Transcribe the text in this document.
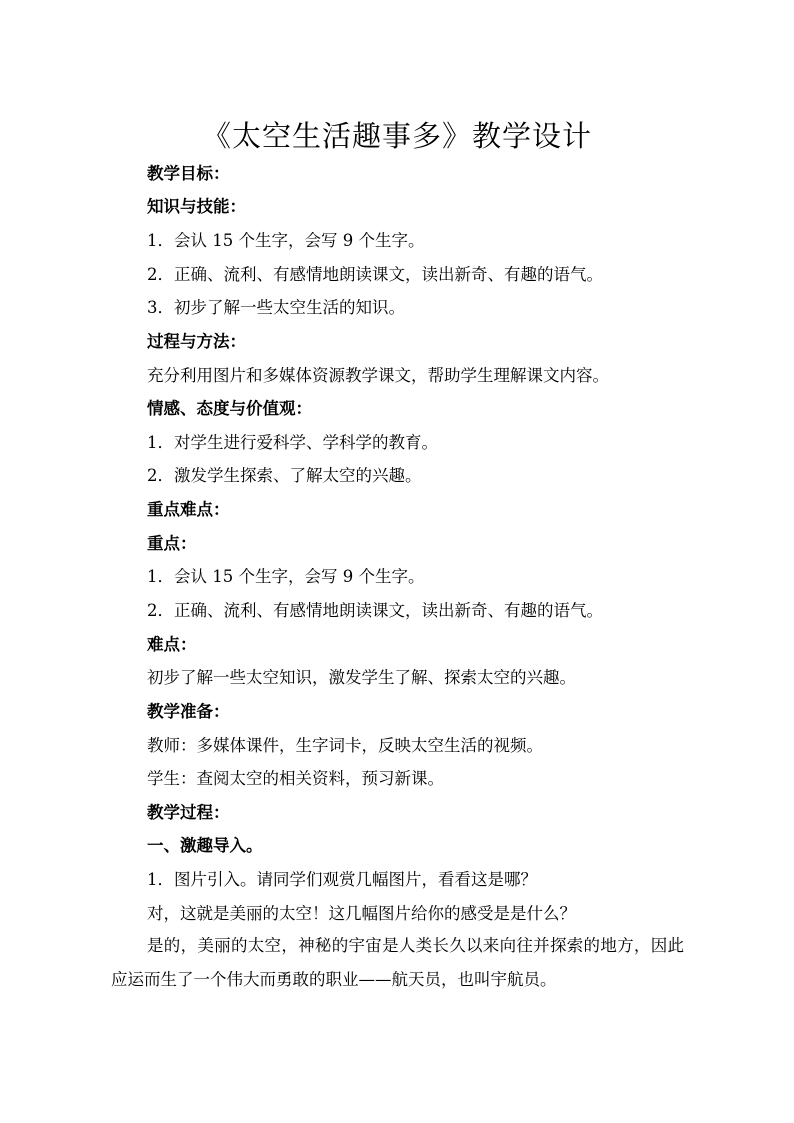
《太空生活趣事多》教学设计

教学目标：

知识与技能：

1．会认 15 个生字，会写 9 个生字。

2．正确、流利、有感情地朗读课文，读出新奇、有趣的语气。

3．初步了解一些太空生活的知识。

过程与方法：

充分利用图片和多媒体资源教学课文，帮助学生理解课文内容。

情感、态度与价值观：

1．对学生进行爱科学、学科学的教育。

2．激发学生探索、了解太空的兴趣。

重点难点：

重点：

1．会认 15 个生字，会写 9 个生字。

2．正确、流利、有感情地朗读课文，读出新奇、有趣的语气。

难点：

初步了解一些太空知识，激发学生了解、探索太空的兴趣。

教学准备：

教师：多媒体课件，生字词卡，反映太空生活的视频。

学生：查阅太空的相关资料，预习新课。

教学过程：

一、激趣导入。

1．图片引入。请同学们观赏几幅图片，看看这是哪？

对，这就是美丽的太空！这几幅图片给你的感受是是什么？

是的，美丽的太空，神秘的宇宙是人类长久以来向往并探索的地方，因此应运而生了一个伟大而勇敢的职业——航天员，也叫宇航员。
